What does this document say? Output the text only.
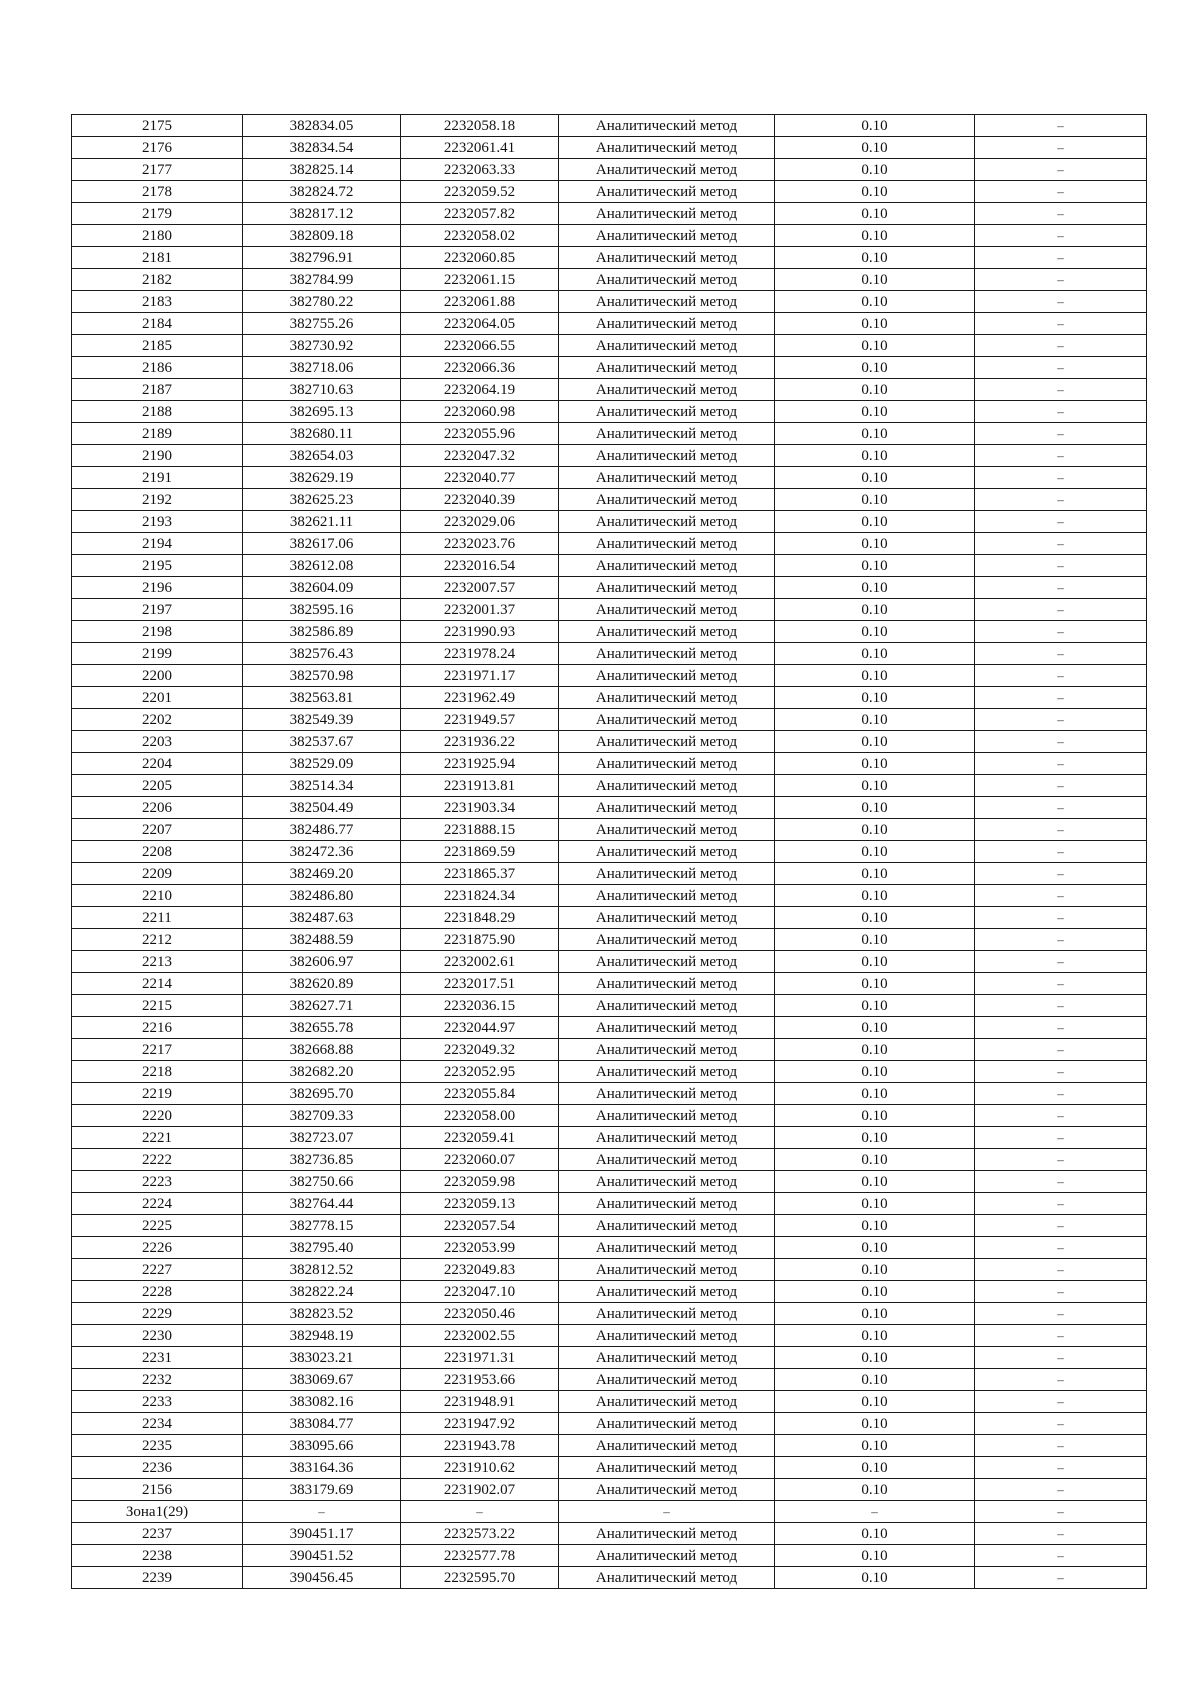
2175	382834.05	2232058.18	Аналитический метод	0.10	–
2176	382834.54	2232061.41	Аналитический метод	0.10	–
2177	382825.14	2232063.33	Аналитический метод	0.10	–
2178	382824.72	2232059.52	Аналитический метод	0.10	–
2179	382817.12	2232057.82	Аналитический метод	0.10	–
2180	382809.18	2232058.02	Аналитический метод	0.10	–
2181	382796.91	2232060.85	Аналитический метод	0.10	–
2182	382784.99	2232061.15	Аналитический метод	0.10	–
2183	382780.22	2232061.88	Аналитический метод	0.10	–
2184	382755.26	2232064.05	Аналитический метод	0.10	–
2185	382730.92	2232066.55	Аналитический метод	0.10	–
2186	382718.06	2232066.36	Аналитический метод	0.10	–
2187	382710.63	2232064.19	Аналитический метод	0.10	–
2188	382695.13	2232060.98	Аналитический метод	0.10	–
2189	382680.11	2232055.96	Аналитический метод	0.10	–
2190	382654.03	2232047.32	Аналитический метод	0.10	–
2191	382629.19	2232040.77	Аналитический метод	0.10	–
2192	382625.23	2232040.39	Аналитический метод	0.10	–
2193	382621.11	2232029.06	Аналитический метод	0.10	–
2194	382617.06	2232023.76	Аналитический метод	0.10	–
2195	382612.08	2232016.54	Аналитический метод	0.10	–
2196	382604.09	2232007.57	Аналитический метод	0.10	–
2197	382595.16	2232001.37	Аналитический метод	0.10	–
2198	382586.89	2231990.93	Аналитический метод	0.10	–
2199	382576.43	2231978.24	Аналитический метод	0.10	–
2200	382570.98	2231971.17	Аналитический метод	0.10	–
2201	382563.81	2231962.49	Аналитический метод	0.10	–
2202	382549.39	2231949.57	Аналитический метод	0.10	–
2203	382537.67	2231936.22	Аналитический метод	0.10	–
2204	382529.09	2231925.94	Аналитический метод	0.10	–
2205	382514.34	2231913.81	Аналитический метод	0.10	–
2206	382504.49	2231903.34	Аналитический метод	0.10	–
2207	382486.77	2231888.15	Аналитический метод	0.10	–
2208	382472.36	2231869.59	Аналитический метод	0.10	–
2209	382469.20	2231865.37	Аналитический метод	0.10	–
2210	382486.80	2231824.34	Аналитический метод	0.10	–
2211	382487.63	2231848.29	Аналитический метод	0.10	–
2212	382488.59	2231875.90	Аналитический метод	0.10	–
2213	382606.97	2232002.61	Аналитический метод	0.10	–
2214	382620.89	2232017.51	Аналитический метод	0.10	–
2215	382627.71	2232036.15	Аналитический метод	0.10	–
2216	382655.78	2232044.97	Аналитический метод	0.10	–
2217	382668.88	2232049.32	Аналитический метод	0.10	–
2218	382682.20	2232052.95	Аналитический метод	0.10	–
2219	382695.70	2232055.84	Аналитический метод	0.10	–
2220	382709.33	2232058.00	Аналитический метод	0.10	–
2221	382723.07	2232059.41	Аналитический метод	0.10	–
2222	382736.85	2232060.07	Аналитический метод	0.10	–
2223	382750.66	2232059.98	Аналитический метод	0.10	–
2224	382764.44	2232059.13	Аналитический метод	0.10	–
2225	382778.15	2232057.54	Аналитический метод	0.10	–
2226	382795.40	2232053.99	Аналитический метод	0.10	–
2227	382812.52	2232049.83	Аналитический метод	0.10	–
2228	382822.24	2232047.10	Аналитический метод	0.10	–
2229	382823.52	2232050.46	Аналитический метод	0.10	–
2230	382948.19	2232002.55	Аналитический метод	0.10	–
2231	383023.21	2231971.31	Аналитический метод	0.10	–
2232	383069.67	2231953.66	Аналитический метод	0.10	–
2233	383082.16	2231948.91	Аналитический метод	0.10	–
2234	383084.77	2231947.92	Аналитический метод	0.10	–
2235	383095.66	2231943.78	Аналитический метод	0.10	–
2236	383164.36	2231910.62	Аналитический метод	0.10	–
2156	383179.69	2231902.07	Аналитический метод	0.10	–
Зона1(29)	–	–	–	–	–
2237	390451.17	2232573.22	Аналитический метод	0.10	–
2238	390451.52	2232577.78	Аналитический метод	0.10	–
2239	390456.45	2232595.70	Аналитический метод	0.10	–
